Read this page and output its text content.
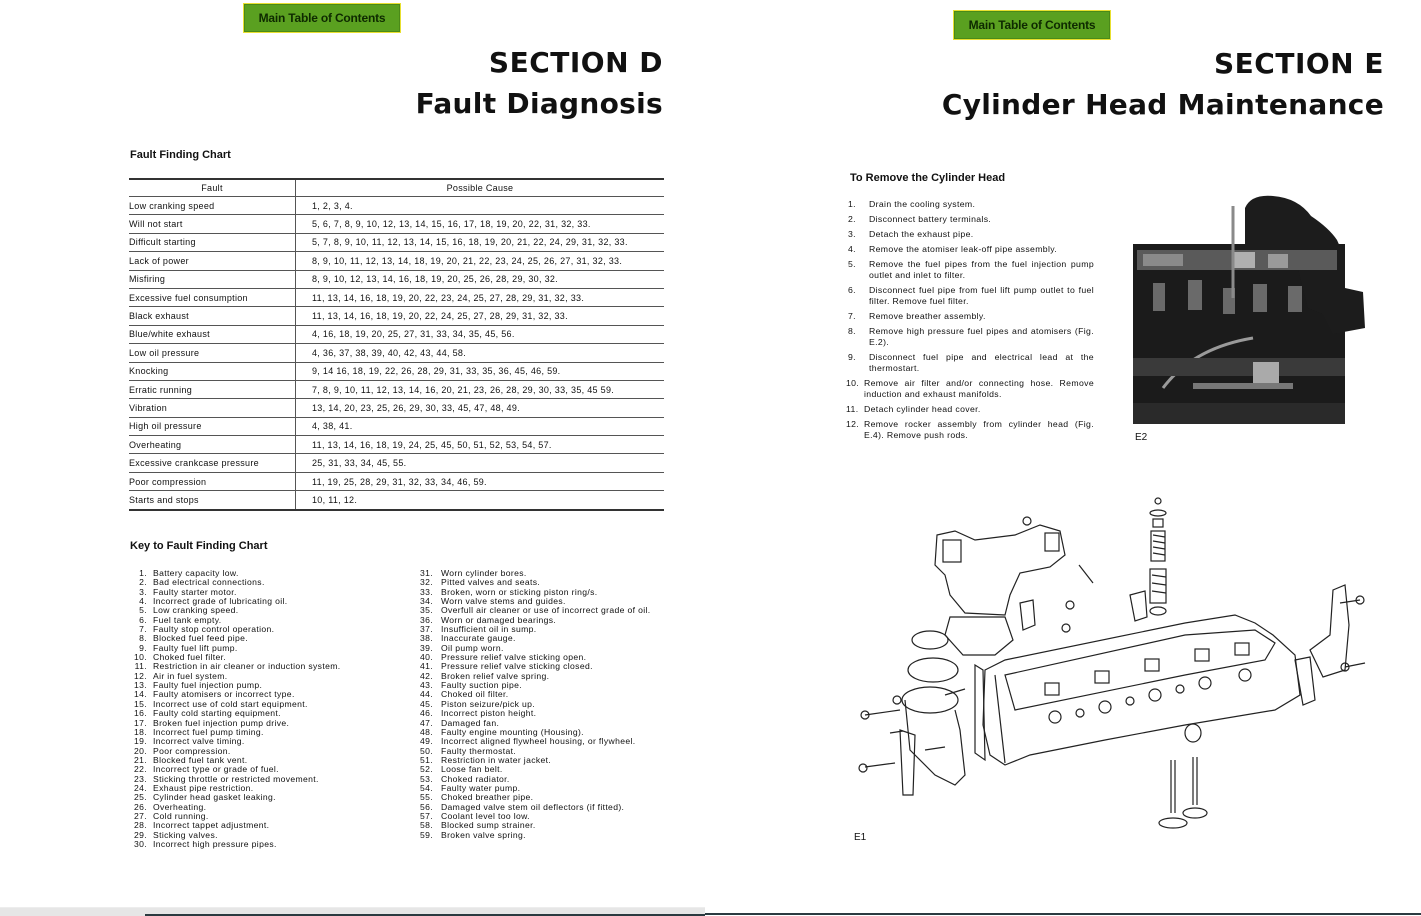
Main Table of Contents
SECTION D
Fault Diagnosis
Fault Finding Chart
Fault	Possible Cause
Low cranking speed	1, 2, 3, 4.
Will not start	5, 6, 7, 8, 9, 10, 12, 13, 14, 15, 16, 17, 18, 19, 20, 22, 31, 32, 33.
Difficult starting	5, 7, 8, 9, 10, 11, 12, 13, 14, 15, 16, 18, 19, 20, 21, 22, 24, 29, 31, 32, 33.
Lack of power	8, 9, 10, 11, 12, 13, 14, 18, 19, 20, 21, 22, 23, 24, 25, 26, 27, 31, 32, 33.
Misfiring	8, 9, 10, 12, 13, 14, 16, 18, 19, 20, 25, 26, 28, 29, 30, 32.
Excessive fuel consumption	11, 13, 14, 16, 18, 19, 20, 22, 23, 24, 25, 27, 28, 29, 31, 32, 33.
Black exhaust	11, 13, 14, 16, 18, 19, 20, 22, 24, 25, 27, 28, 29, 31, 32, 33.
Blue/white exhaust	4, 16, 18, 19, 20, 25, 27, 31, 33, 34, 35, 45, 56.
Low oil pressure	4, 36, 37, 38, 39, 40, 42, 43, 44, 58.
Knocking	9, 14 16, 18, 19, 22, 26, 28, 29, 31, 33, 35, 36, 45, 46, 59.
Erratic running	7, 8, 9, 10, 11, 12, 13, 14, 16, 20, 21, 23, 26, 28, 29, 30, 33, 35, 45 59.
Vibration	13, 14, 20, 23, 25, 26, 29, 30, 33, 45, 47, 48, 49.
High oil pressure	4, 38, 41.
Overheating	11, 13, 14, 16, 18, 19, 24, 25, 45, 50, 51, 52, 53, 54, 57.
Excessive crankcase pressure	25, 31, 33, 34, 45, 55.
Poor compression	11, 19, 25, 28, 29, 31, 32, 33, 34, 46, 59.
Starts and stops	10, 11, 12.
Key to Fault Finding Chart
1. Battery capacity low.
2. Bad electrical connections.
3. Faulty starter motor.
4. Incorrect grade of lubricating oil.
5. Low cranking speed.
6. Fuel tank empty.
7. Faulty stop control operation.
8. Blocked fuel feed pipe.
9. Faulty fuel lift pump.
10. Choked fuel filter.
11. Restriction in air cleaner or induction system.
12. Air in fuel system.
13. Faulty fuel injection pump.
14. Faulty atomisers or incorrect type.
15. Incorrect use of cold start equipment.
16. Faulty cold starting equipment.
17. Broken fuel injection pump drive.
18. Incorrect fuel pump timing.
19. Incorrect valve timing.
20. Poor compression.
21. Blocked fuel tank vent.
22. Incorrect type or grade of fuel.
23. Sticking throttle or restricted movement.
24. Exhaust pipe restriction.
25. Cylinder head gasket leaking.
26. Overheating.
27. Cold running.
28. Incorrect tappet adjustment.
29. Sticking valves.
30. Incorrect high pressure pipes.
31. Worn cylinder bores.
32. Pitted valves and seats.
33. Broken, worn or sticking piston ring/s.
34. Worn valve stems and guides.
35. Overfull air cleaner or use of incorrect grade of oil.
36. Worn or damaged bearings.
37. Insufficient oil in sump.
38. Inaccurate gauge.
39. Oil pump worn.
40. Pressure relief valve sticking open.
41. Pressure relief valve sticking closed.
42. Broken relief valve spring.
43. Faulty suction pipe.
44. Choked oil filter.
45. Piston seizure/pick up.
46. Incorrect piston height.
47. Damaged fan.
48. Faulty engine mounting (Housing).
49. Incorrect aligned flywheel housing, or flywheel.
50. Faulty thermostat.
51. Restriction in water jacket.
52. Loose fan belt.
53. Choked radiator.
54. Faulty water pump.
55. Choked breather pipe.
56. Damaged valve stem oil deflectors (if fitted).
57. Coolant level too low.
58. Blocked sump strainer.
59. Broken valve spring.
Main Table of Contents
SECTION E
Cylinder Head Maintenance
To Remove the Cylinder Head
1.	Drain the cooling system.
2.	Disconnect battery terminals.
3.	Detach the exhaust pipe.
4.	Remove the atomiser leak-off pipe assembly.
5.	Remove the fuel pipes from the fuel injection pump outlet and inlet to filter.
6.	Disconnect fuel pipe from fuel lift pump outlet to fuel filter. Remove fuel filter.
7.	Remove breather assembly.
8.	Remove high pressure fuel pipes and atomisers (Fig. E.2).
9.	Disconnect fuel pipe and electrical lead at the thermostart.
10. Remove air filter and/or connecting hose. Remove induction and exhaust manifolds.
11. Detach cylinder head cover.
12. Remove rocker assembly from cylinder head (Fig. E.4). Remove push rods.	E2
E1
